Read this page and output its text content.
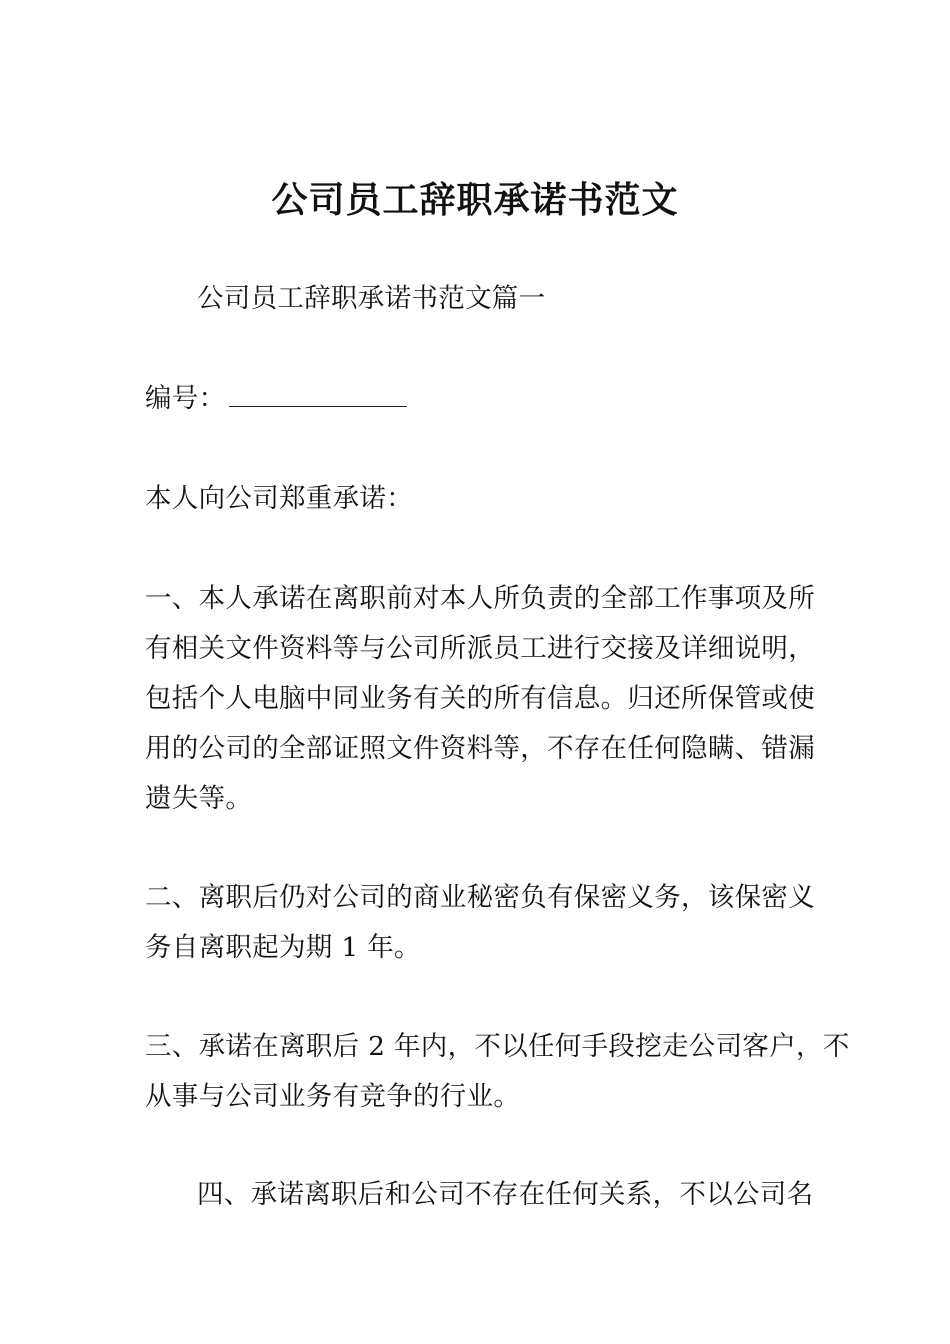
公司员工辞职承诺书范文
公司员工辞职承诺书范文篇一
编号：
本人向公司郑重承诺：
一、本人承诺在离职前对本人所负责的全部工作事项及所
有相关文件资料等与公司所派员工进行交接及详细说明，
包括个人电脑中同业务有关的所有信息。归还所保管或使
用的公司的全部证照文件资料等，不存在任何隐瞒、错漏
遗失等。
二、离职后仍对公司的商业秘密负有保密义务，该保密义
务自离职起为期 1 年。
三、承诺在离职后 2 年内，不以任何手段挖走公司客户，不
从事与公司业务有竞争的行业。
四、承诺离职后和公司不存在任何关系，不以公司名
